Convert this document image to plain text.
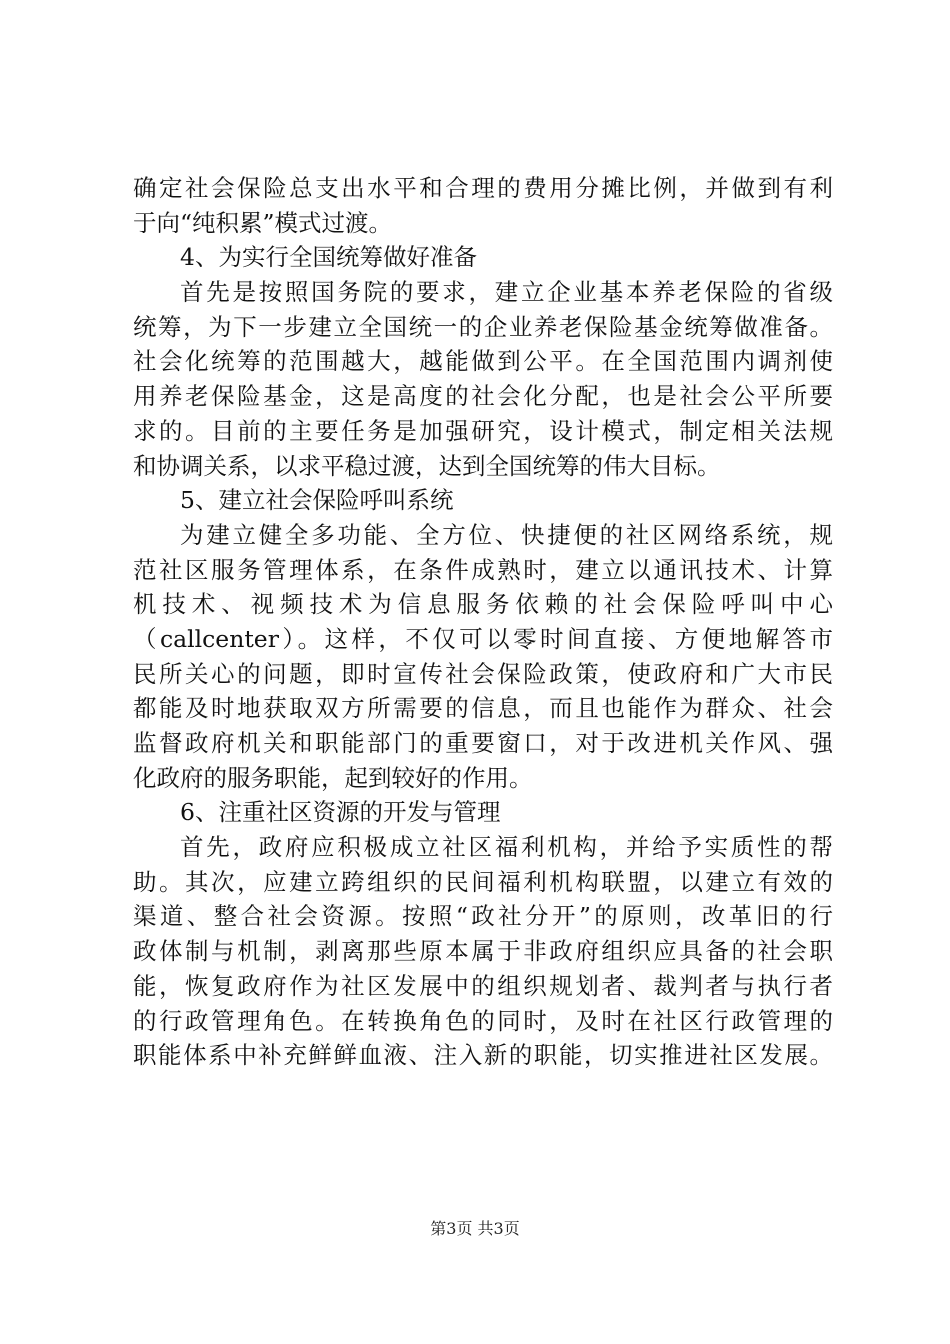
确定社会保险总支出水平和合理的费用分摊比例，并做到有利
于向“纯积累”模式过渡。
4、为实行全国统筹做好准备
首先是按照国务院的要求，建立企业基本养老保险的省级
统筹，为下一步建立全国统一的企业养老保险基金统筹做准备。
社会化统筹的范围越大，越能做到公平。在全国范围内调剂使
用养老保险基金，这是高度的社会化分配，也是社会公平所要
求的。目前的主要任务是加强研究，设计模式，制定相关法规
和协调关系，以求平稳过渡，达到全国统筹的伟大目标。
5、建立社会保险呼叫系统
为建立健全多功能、全方位、快捷便的社区网络系统，规
范社区服务管理体系，在条件成熟时，建立以通讯技术、计算
机技术、视频技术为信息服务依赖的社会保险呼叫中心
（callcenter）。这样，不仅可以零时间直接、方便地解答市
民所关心的问题，即时宣传社会保险政策，使政府和广大市民
都能及时地获取双方所需要的信息，而且也能作为群众、社会
监督政府机关和职能部门的重要窗口，对于改进机关作风、强
化政府的服务职能，起到较好的作用。
6、注重社区资源的开发与管理
首先，政府应积极成立社区福利机构，并给予实质性的帮
助。其次，应建立跨组织的民间福利机构联盟，以建立有效的
渠道、整合社会资源。按照“政社分开”的原则，改革旧的行
政体制与机制，剥离那些原本属于非政府组织应具备的社会职
能，恢复政府作为社区发展中的组织规划者、裁判者与执行者
的行政管理角色。在转换角色的同时，及时在社区行政管理的
职能体系中补充鲜鲜血液、注入新的职能，切实推进社区发展。
第3页 共3页
